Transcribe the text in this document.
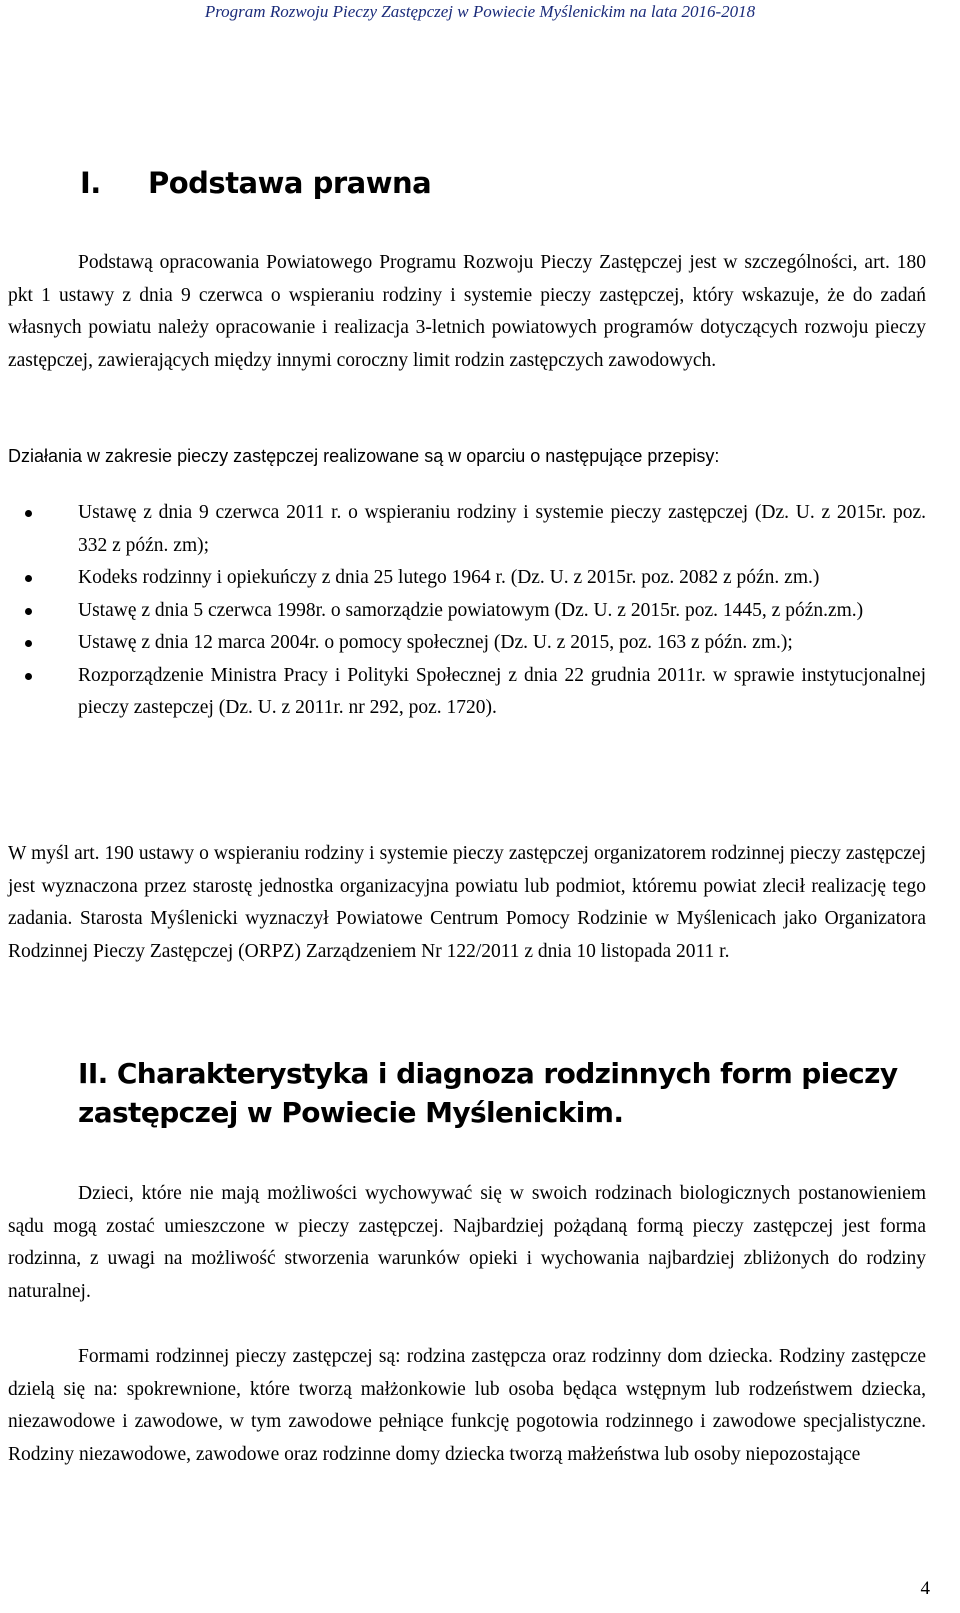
Program Rozwoju Pieczy Zastępczej w Powiecie Myślenickim na lata 2016-2018
I. Podstawa prawna

Podstawą opracowania Powiatowego Programu Rozwoju Pieczy Zastępczej jest w szczególności, art. 180 pkt 1 ustawy z dnia 9 czerwca o wspieraniu rodziny i systemie pieczy zastępczej, który wskazuje, że do zadań własnych powiatu należy opracowanie i realizacja 3-letnich powiatowych programów dotyczących rozwoju pieczy zastępczej, zawierających między innymi coroczny limit rodzin zastępczych zawodowych.

Działania w zakresie pieczy zastępczej realizowane są w oparciu o następujące przepisy:

Ustawę z dnia 9 czerwca 2011 r. o wspieraniu rodziny i systemie pieczy zastępczej (Dz. U. z 2015r. poz. 332 z późn. zm);
Kodeks rodzinny i opiekuńczy z dnia 25 lutego 1964 r. (Dz. U. z 2015r. poz. 2082 z późn. zm.)
Ustawę z dnia 5 czerwca 1998r. o samorządzie powiatowym (Dz. U. z 2015r. poz. 1445, z późn.zm.)
Ustawę z dnia 12 marca 2004r. o pomocy społecznej (Dz. U. z 2015, poz. 163 z późn. zm.);
Rozporządzenie Ministra Pracy i Polityki Społecznej z dnia 22 grudnia 2011r. w sprawie instytucjonalnej pieczy zastepczej (Dz. U. z 2011r. nr 292, poz. 1720).

W myśl art. 190 ustawy o wspieraniu rodziny i systemie pieczy zastępczej organizatorem rodzinnej pieczy zastępczej jest wyznaczona przez starostę jednostka organizacyjna powiatu lub podmiot, któremu powiat zlecił realizację tego zadania. Starosta Myślenicki wyznaczył Powiatowe Centrum Pomocy Rodzinie w Myślenicach jako Organizatora Rodzinnej Pieczy Zastępczej (ORPZ) Zarządzeniem Nr 122/2011 z dnia 10 listopada 2011 r.

II. Charakterystyka i diagnoza rodzinnych form pieczy zastępczej w Powiecie Myślenickim.

Dzieci, które nie mają możliwości wychowywać się w swoich rodzinach biologicznych postanowieniem sądu mogą zostać umieszczone w pieczy zastępczej. Najbardziej pożądaną formą pieczy zastępczej jest forma rodzinna, z uwagi na możliwość stworzenia warunków opieki i wychowania najbardziej zbliżonych do rodziny naturalnej.

Formami rodzinnej pieczy zastępczej są: rodzina zastępcza oraz rodzinny dom dziecka. Rodziny zastępcze dzielą się na: spokrewnione, które tworzą małżonkowie lub osoba będąca wstępnym lub rodzeństwem dziecka, niezawodowe i zawodowe, w tym zawodowe pełniące funkcję pogotowia rodzinnego i zawodowe specjalistyczne. Rodziny niezawodowe, zawodowe oraz rodzinne domy dziecka tworzą małżeństwa lub osoby niepozostające

4
